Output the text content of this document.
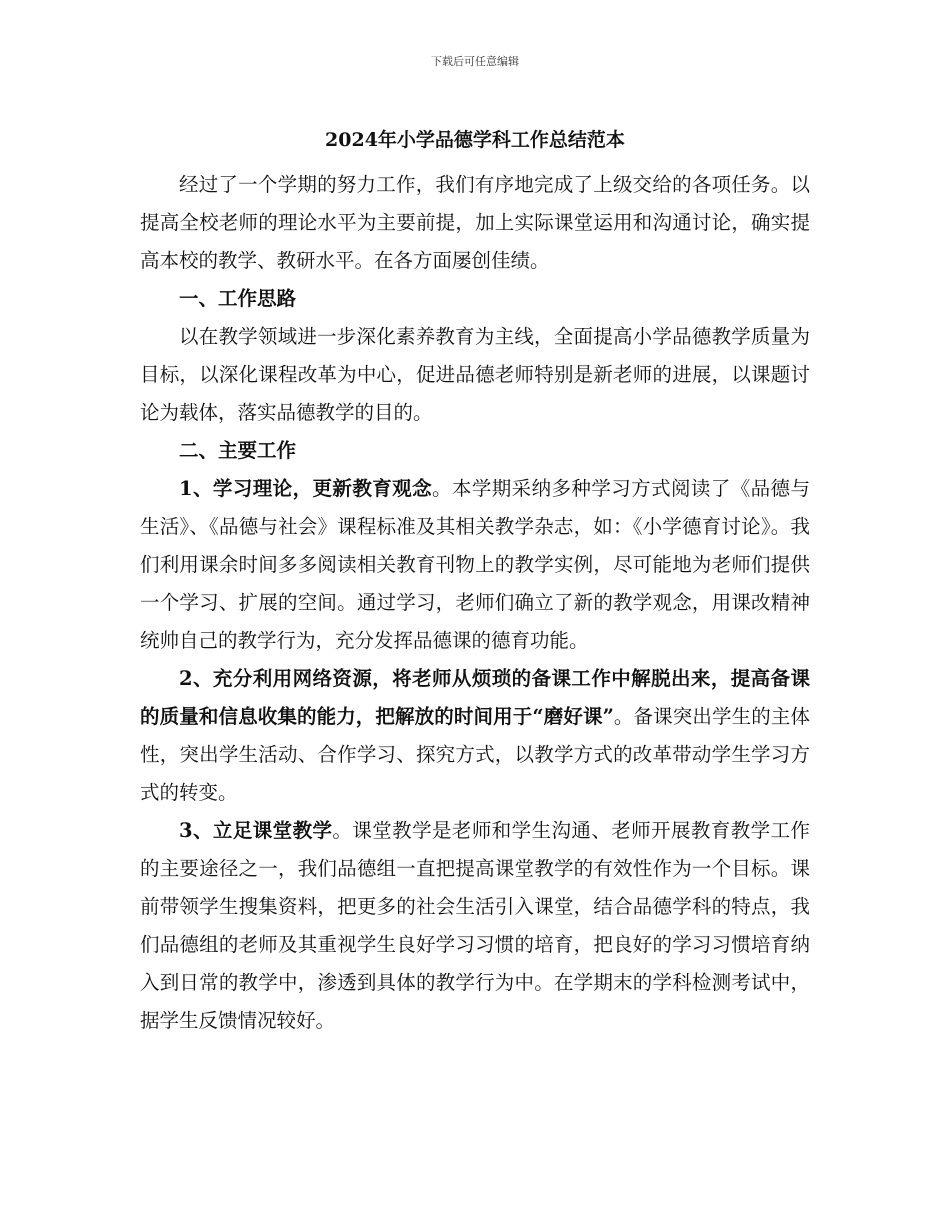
下载后可任意编辑
2024年小学品德学科工作总结范本

经过了一个学期的努力工作，我们有序地完成了上级交给的各项任务。以提高全校老师的理论水平为主要前提，加上实际课堂运用和沟通讨论，确实提高本校的教学、教研水平。在各方面屡创佳绩。

一、工作思路

以在教学领域进一步深化素养教育为主线，全面提高小学品德教学质量为目标，以深化课程改革为中心，促进品德老师特别是新老师的进展，以课题讨论为载体，落实品德教学的目的。

二、主要工作

1、学习理论，更新教育观念。本学期采纳多种学习方式阅读了《品德与生活》、《品德与社会》课程标准及其相关教学杂志，如：《小学德育讨论》。我们利用课余时间多多阅读相关教育刊物上的教学实例，尽可能地为老师们提供一个学习、扩展的空间。通过学习，老师们确立了新的教学观念，用课改精神统帅自己的教学行为，充分发挥品德课的德育功能。

2、充分利用网络资源，将老师从烦琐的备课工作中解脱出来，提高备课的质量和信息收集的能力，把解放的时间用于“磨好课”。备课突出学生的主体性，突出学生活动、合作学习、探究方式，以教学方式的改革带动学生学习方式的转变。

3、立足课堂教学。课堂教学是老师和学生沟通、老师开展教育教学工作的主要途径之一，我们品德组一直把提高课堂教学的有效性作为一个目标。课前带领学生搜集资料，把更多的社会生活引入课堂，结合品德学科的特点，我们品德组的老师及其重视学生良好学习习惯的培育，把良好的学习习惯培育纳入到日常的教学中，渗透到具体的教学行为中。在学期末的学科检测考试中，据学生反馈情况较好。
